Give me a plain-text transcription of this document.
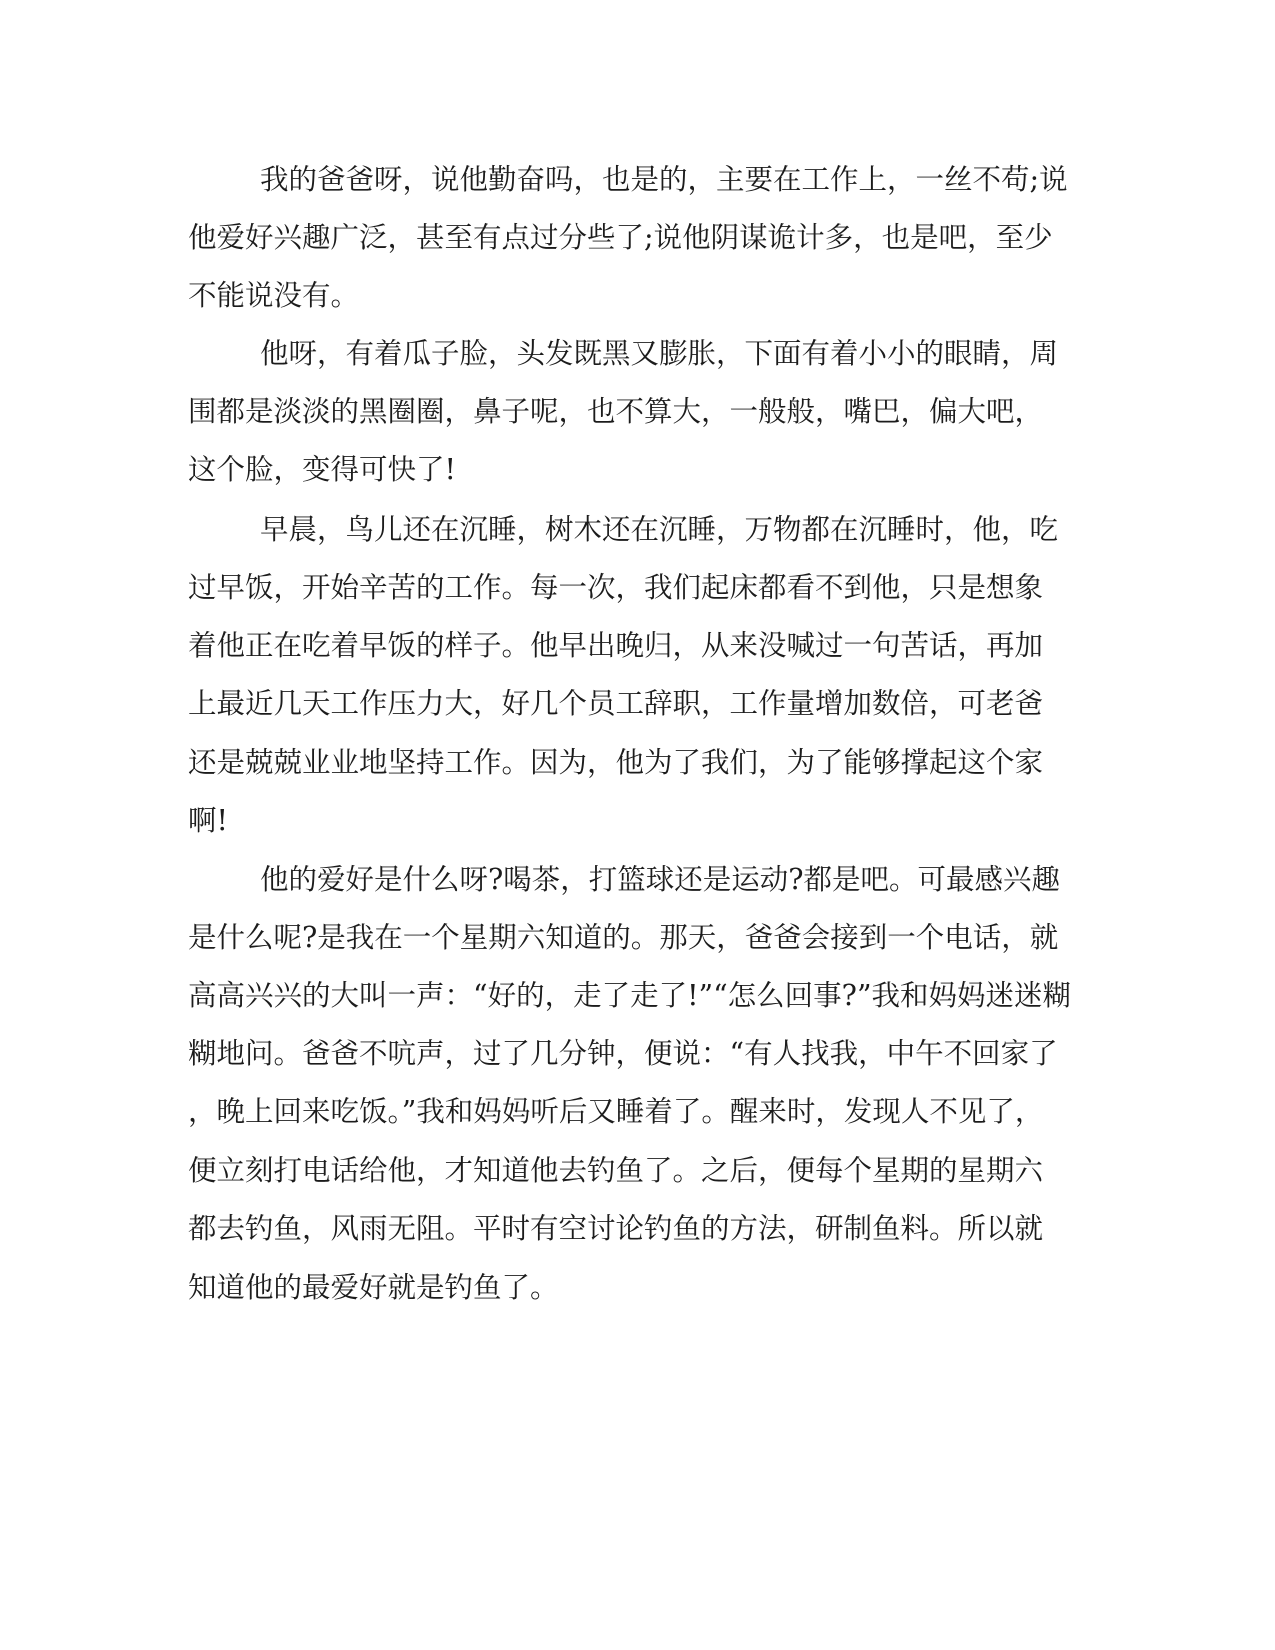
我的爸爸呀，说他勤奋吗，也是的，主要在工作上，一丝不苟;说

他爱好兴趣广泛，甚至有点过分些了;说他阴谋诡计多，也是吧，至少

不能说没有。

他呀，有着瓜子脸，头发既黑又膨胀，下面有着小小的眼睛，周

围都是淡淡的黑圈圈，鼻子呢，也不算大，一般般，嘴巴，偏大吧，

这个脸，变得可快了!

早晨，鸟儿还在沉睡，树木还在沉睡，万物都在沉睡时，他，吃

过早饭，开始辛苦的工作。每一次，我们起床都看不到他，只是想象

着他正在吃着早饭的样子。他早出晚归，从来没喊过一句苦话，再加

上最近几天工作压力大，好几个员工辞职，工作量增加数倍，可老爸

还是兢兢业业地坚持工作。因为，他为了我们，为了能够撑起这个家

啊!

他的爱好是什么呀?喝茶，打篮球还是运动?都是吧。可最感兴趣

是什么呢?是我在一个星期六知道的。那天，爸爸会接到一个电话，就

高高兴兴的大叫一声：“好的，走了走了!”“怎么回事?”我和妈妈迷迷糊

糊地问。爸爸不吭声，过了几分钟，便说：“有人找我，中午不回家了

，晚上回来吃饭。”我和妈妈听后又睡着了。醒来时，发现人不见了，

便立刻打电话给他，才知道他去钓鱼了。之后，便每个星期的星期六

都去钓鱼，风雨无阻。平时有空讨论钓鱼的方法，研制鱼料。所以就

知道他的最爱好就是钓鱼了。
